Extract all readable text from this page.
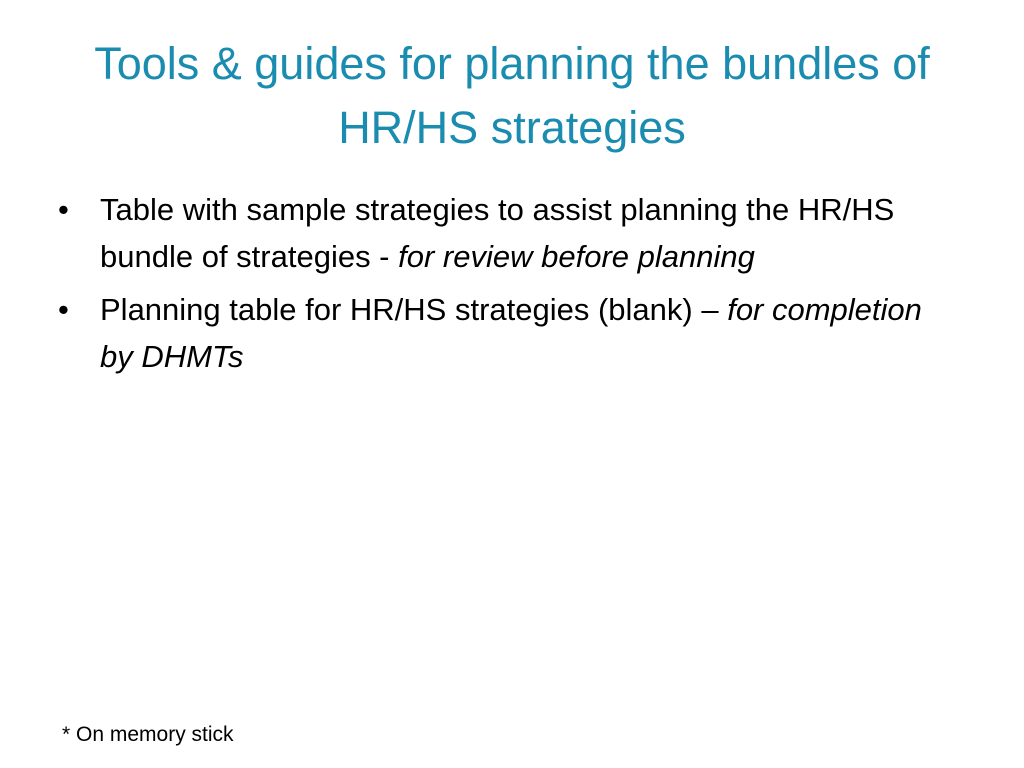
Tools & guides for planning the bundles of HR/HS strategies
• Table with sample strategies to assist planning the HR/HS bundle of strategies - for review before planning
• Planning table for HR/HS strategies (blank) – for completion by DHMTs
* On memory stick
